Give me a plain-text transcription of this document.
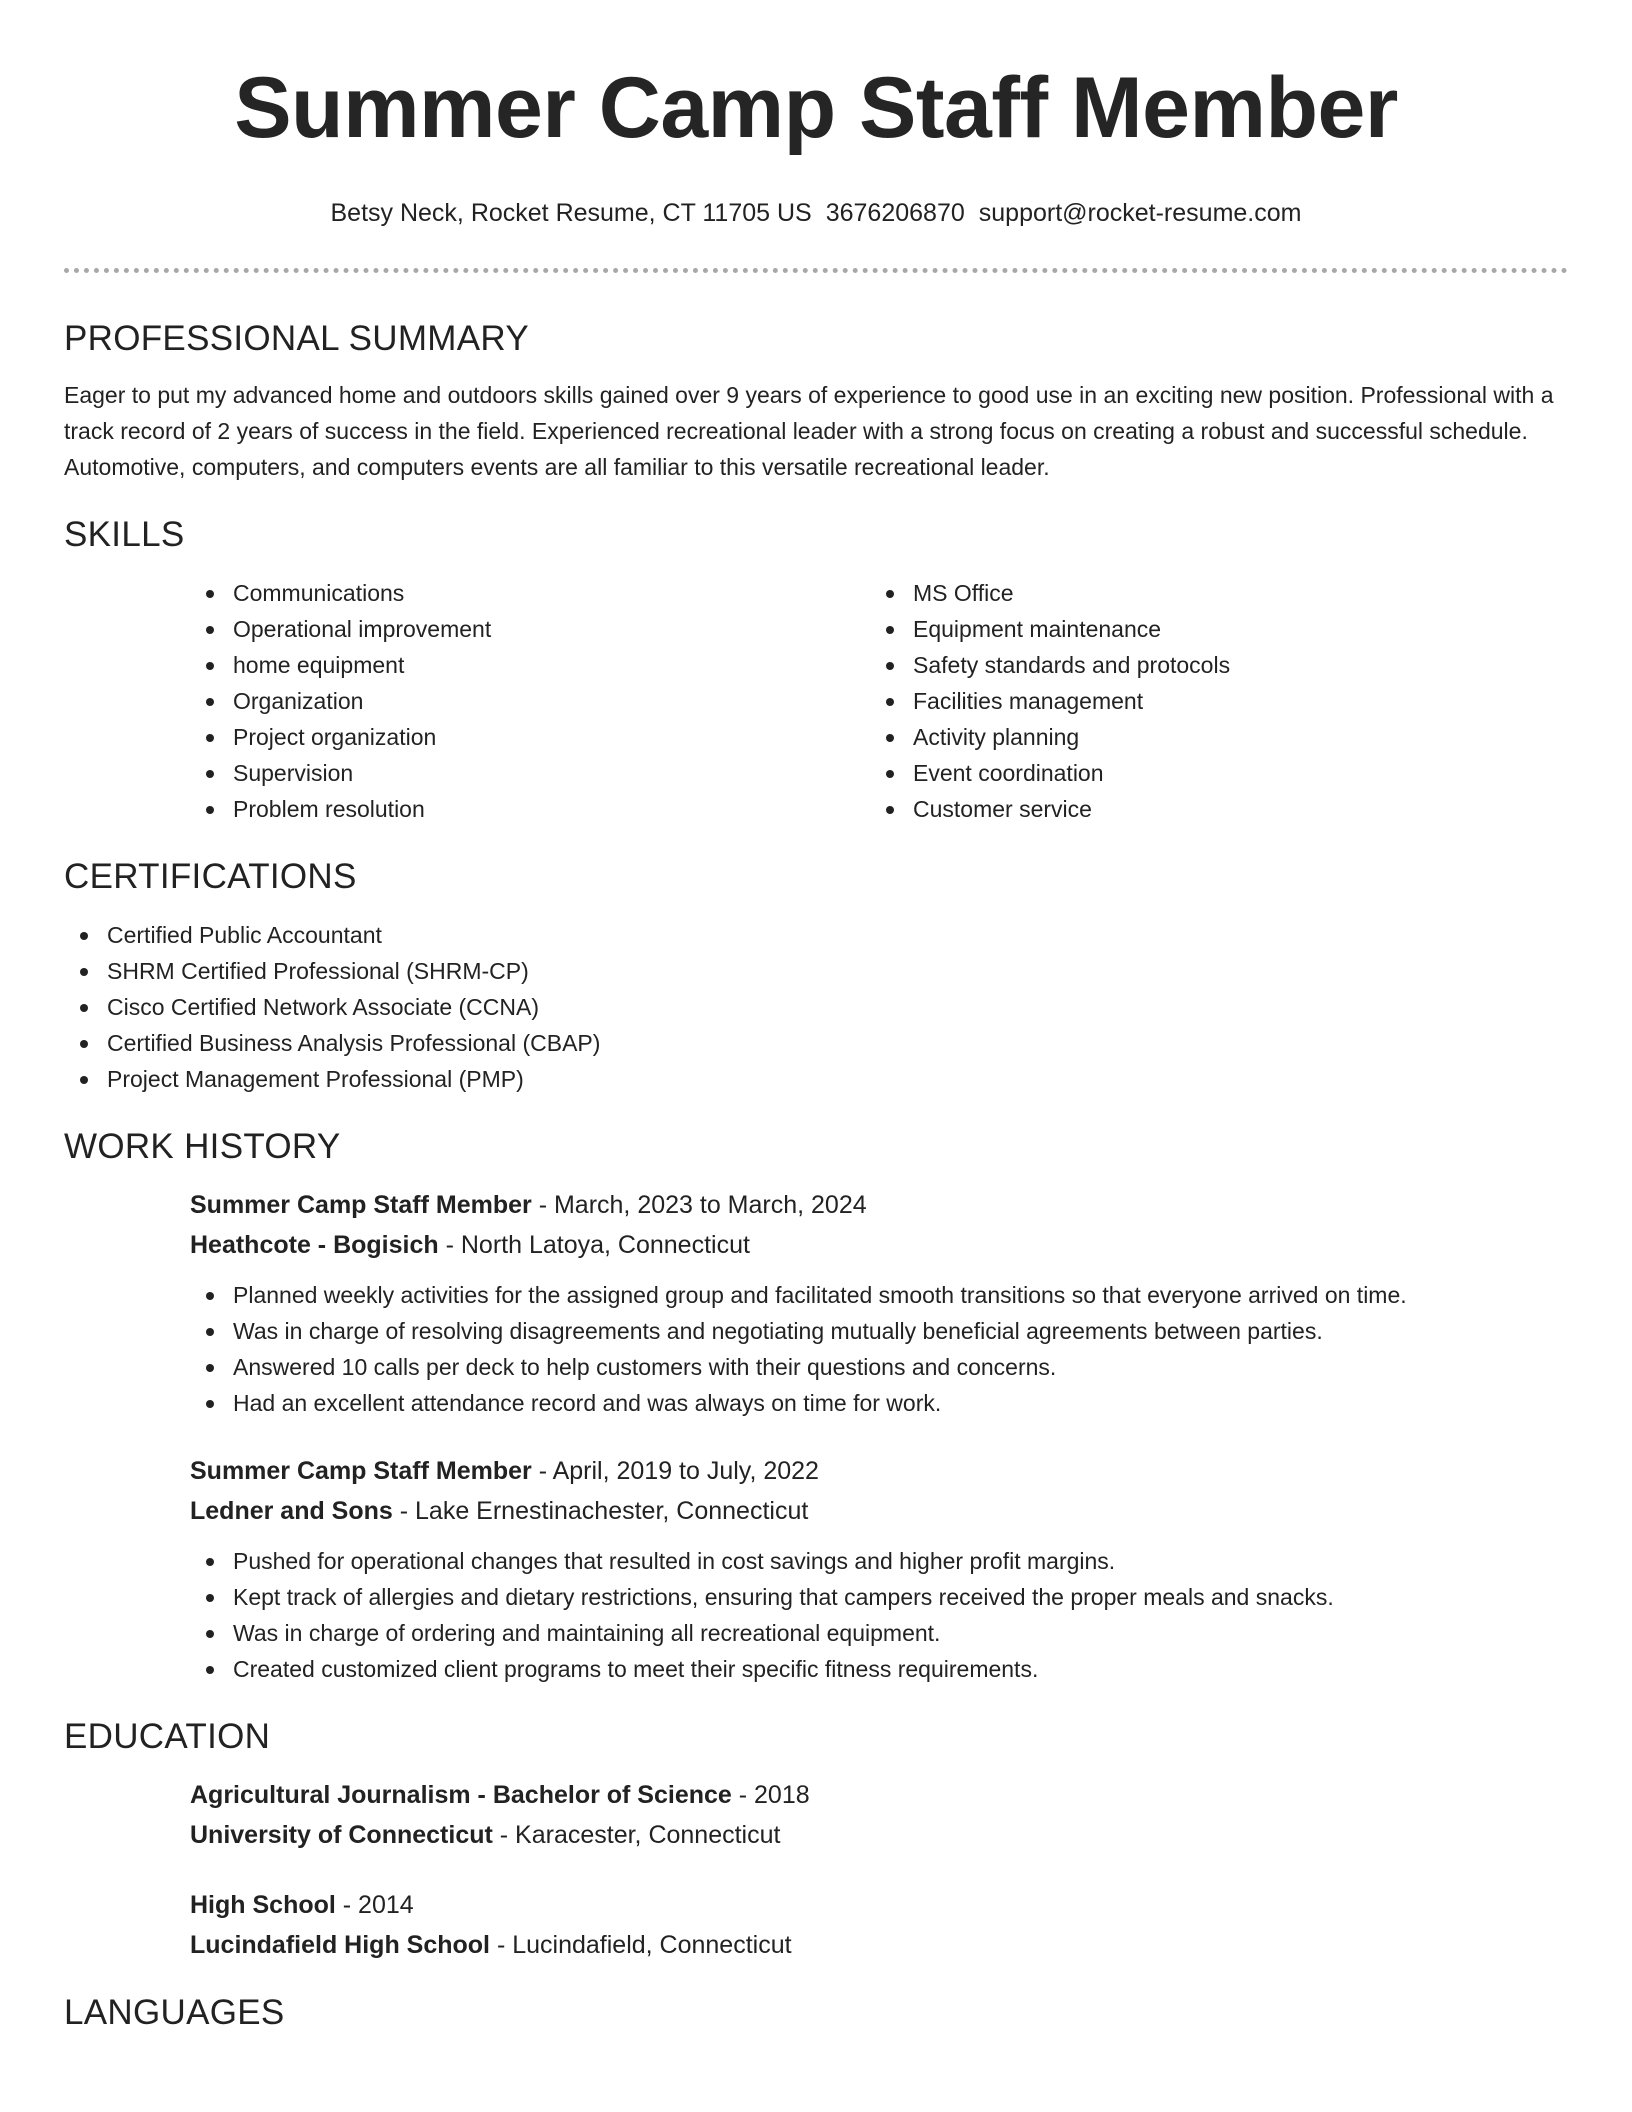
Summer Camp Staff Member
Betsy Neck, Rocket Resume, CT 11705 US 3676206870 support@rocket-resume.com
PROFESSIONAL SUMMARY

Eager to put my advanced home and outdoors skills gained over 9 years of experience to good use in an exciting new position. Professional with a track record of 2 years of success in the field. Experienced recreational leader with a strong focus on creating a robust and successful schedule. Automotive, computers, and computers events are all familiar to this versatile recreational leader.

SKILLS
Communications
Operational improvement
home equipment
Organization
Project organization
Supervision
Problem resolution
MS Office
Equipment maintenance
Safety standards and protocols
Facilities management
Activity planning
Event coordination
Customer service
CERTIFICATIONS
Certified Public Accountant
SHRM Certified Professional (SHRM-CP)
Cisco Certified Network Associate (CCNA)
Certified Business Analysis Professional (CBAP)
Project Management Professional (PMP)
WORK HISTORY
Summer Camp Staff Member - March, 2023 to March, 2024
Heathcote - Bogisich - North Latoya, Connecticut
Planned weekly activities for the assigned group and facilitated smooth transitions so that everyone arrived on time.
Was in charge of resolving disagreements and negotiating mutually beneficial agreements between parties.
Answered 10 calls per deck to help customers with their questions and concerns.
Had an excellent attendance record and was always on time for work.
Summer Camp Staff Member - April, 2019 to July, 2022
Ledner and Sons - Lake Ernestinachester, Connecticut
Pushed for operational changes that resulted in cost savings and higher profit margins.
Kept track of allergies and dietary restrictions, ensuring that campers received the proper meals and snacks.
Was in charge of ordering and maintaining all recreational equipment.
Created customized client programs to meet their specific fitness requirements.
EDUCATION
Agricultural Journalism - Bachelor of Science - 2018
University of Connecticut - Karacester, Connecticut
High School - 2014
Lucindafield High School - Lucindafield, Connecticut
LANGUAGES
